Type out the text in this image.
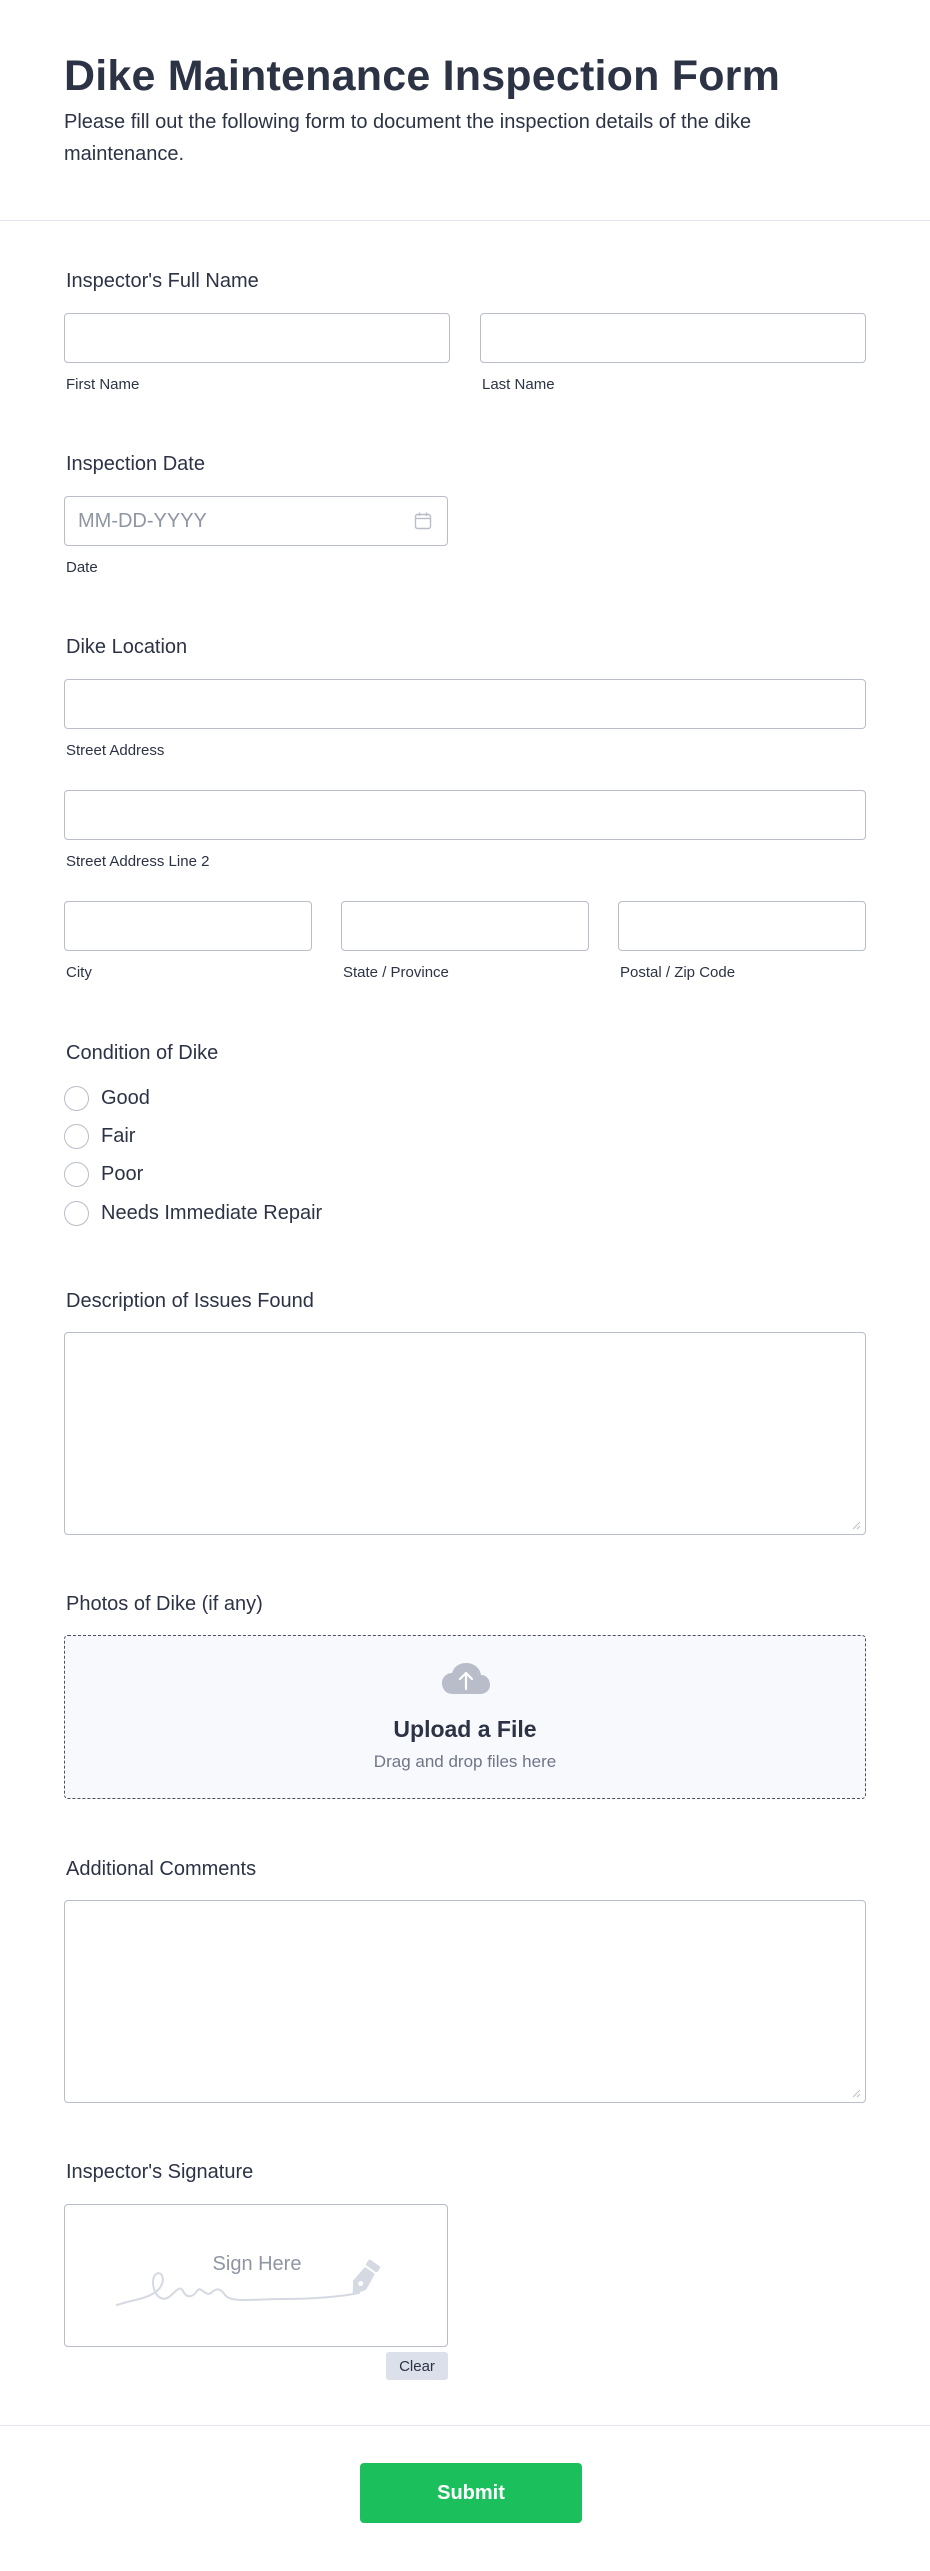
Dike Maintenance Inspection Form

Please fill out the following form to document the inspection details of the dike maintenance.

Inspector's Full Name
First Name	Last Name
Inspection Date
MM-DD-YYYY
Date
Dike Location
Street Address
Street Address Line 2
City	State / Province	Postal / Zip Code
Condition of Dike
Good
Fair
Poor
Needs Immediate Repair
Description of Issues Found
Photos of Dike (if any)
Upload a File
Drag and drop files here
Additional Comments
Inspector's Signature
Sign Here
Clear
Submit
